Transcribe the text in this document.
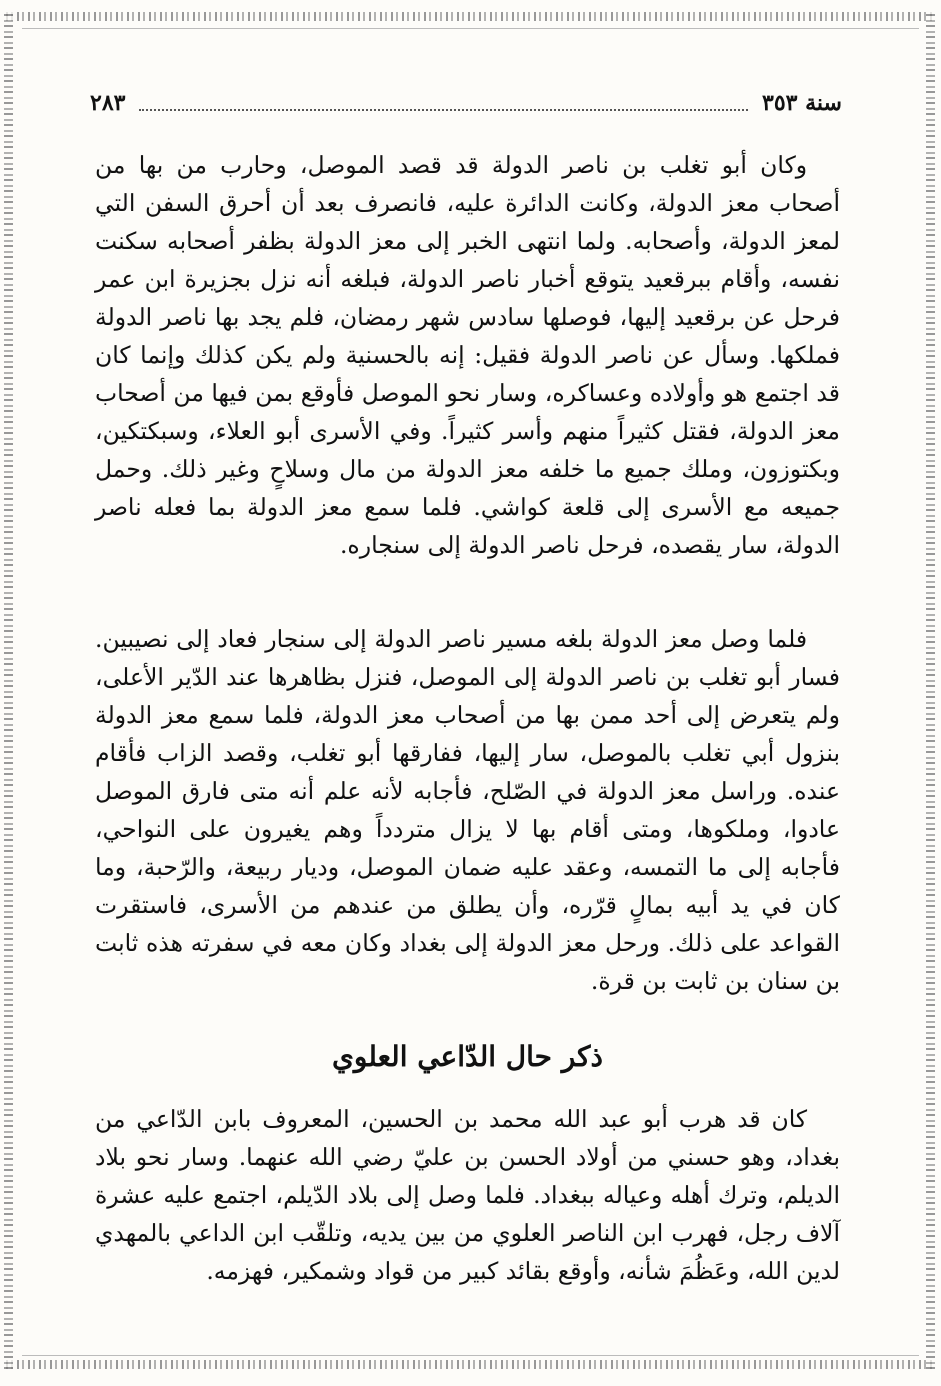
سنة ٣٥٣
٢٨٣

وكان أبو تغلب بن ناصر الدولة قد قصد الموصل، وحارب من بها من أصحاب معز الدولة، وكانت الدائرة عليه، فانصرف بعد أن أحرق السفن التي لمعز الدولة، وأصحابه. ولما انتهى الخبر إلى معز الدولة بظفر أصحابه سكنت نفسه، وأقام ببرقعيد يتوقع أخبار ناصر الدولة، فبلغه أنه نزل بجزيرة ابن عمر فرحل عن برقعيد إليها، فوصلها سادس شهر رمضان، فلم يجد بها ناصر الدولة فملكها. وسأل عن ناصر الدولة فقيل: إنه بالحسنية ولم يكن كذلك وإنما كان قد اجتمع هو وأولاده وعساكره، وسار نحو الموصل فأوقع بمن فيها من أصحاب معز الدولة، فقتل كثيراً منهم وأسر كثيراً. وفي الأسرى أبو العلاء، وسبكتكين، وبكتوزون، وملك جميع ما خلفه معز الدولة من مال وسلاحٍ وغير ذلك. وحمل جميعه مع الأسرى إلى قلعة كواشي. فلما سمع معز الدولة بما فعله ناصر الدولة، سار يقصده، فرحل ناصر الدولة إلى سنجاره.

فلما وصل معز الدولة بلغه مسير ناصر الدولة إلى سنجار فعاد إلى نصيبين. فسار أبو تغلب بن ناصر الدولة إلى الموصل، فنزل بظاهرها عند الدّير الأعلى، ولم يتعرض إلى أحد ممن بها من أصحاب معز الدولة، فلما سمع معز الدولة بنزول أبي تغلب بالموصل، سار إليها، ففارقها أبو تغلب، وقصد الزاب فأقام عنده. وراسل معز الدولة في الصّلح، فأجابه لأنه علم أنه متى فارق الموصل عادوا، وملكوها، ومتى أقام بها لا يزال متردداً وهم يغيرون على النواحي، فأجابه إلى ما التمسه، وعقد عليه ضمان الموصل، وديار ربيعة، والرّحبة، وما كان في يد أبيه بمالٍ قرّره، وأن يطلق من عندهم من الأسرى، فاستقرت القواعد على ذلك. ورحل معز الدولة إلى بغداد وكان معه في سفرته هذه ثابت بن سنان بن ثابت بن قرة.

ذكر حال الدّاعي العلوي

كان قد هرب أبو عبد الله محمد بن الحسين، المعروف بابن الدّاعي من بغداد، وهو حسني من أولاد الحسن بن عليّ رضي الله عنهما. وسار نحو بلاد الديلم، وترك أهله وعياله ببغداد. فلما وصل إلى بلاد الدّيلم، اجتمع عليه عشرة آلاف رجل، فهرب ابن الناصر العلوي من بين يديه، وتلقّب ابن الداعي بالمهدي لدين الله، وعَظُمَ شأنه، وأوقع بقائد كبير من قواد وشمكير، فهزمه.
